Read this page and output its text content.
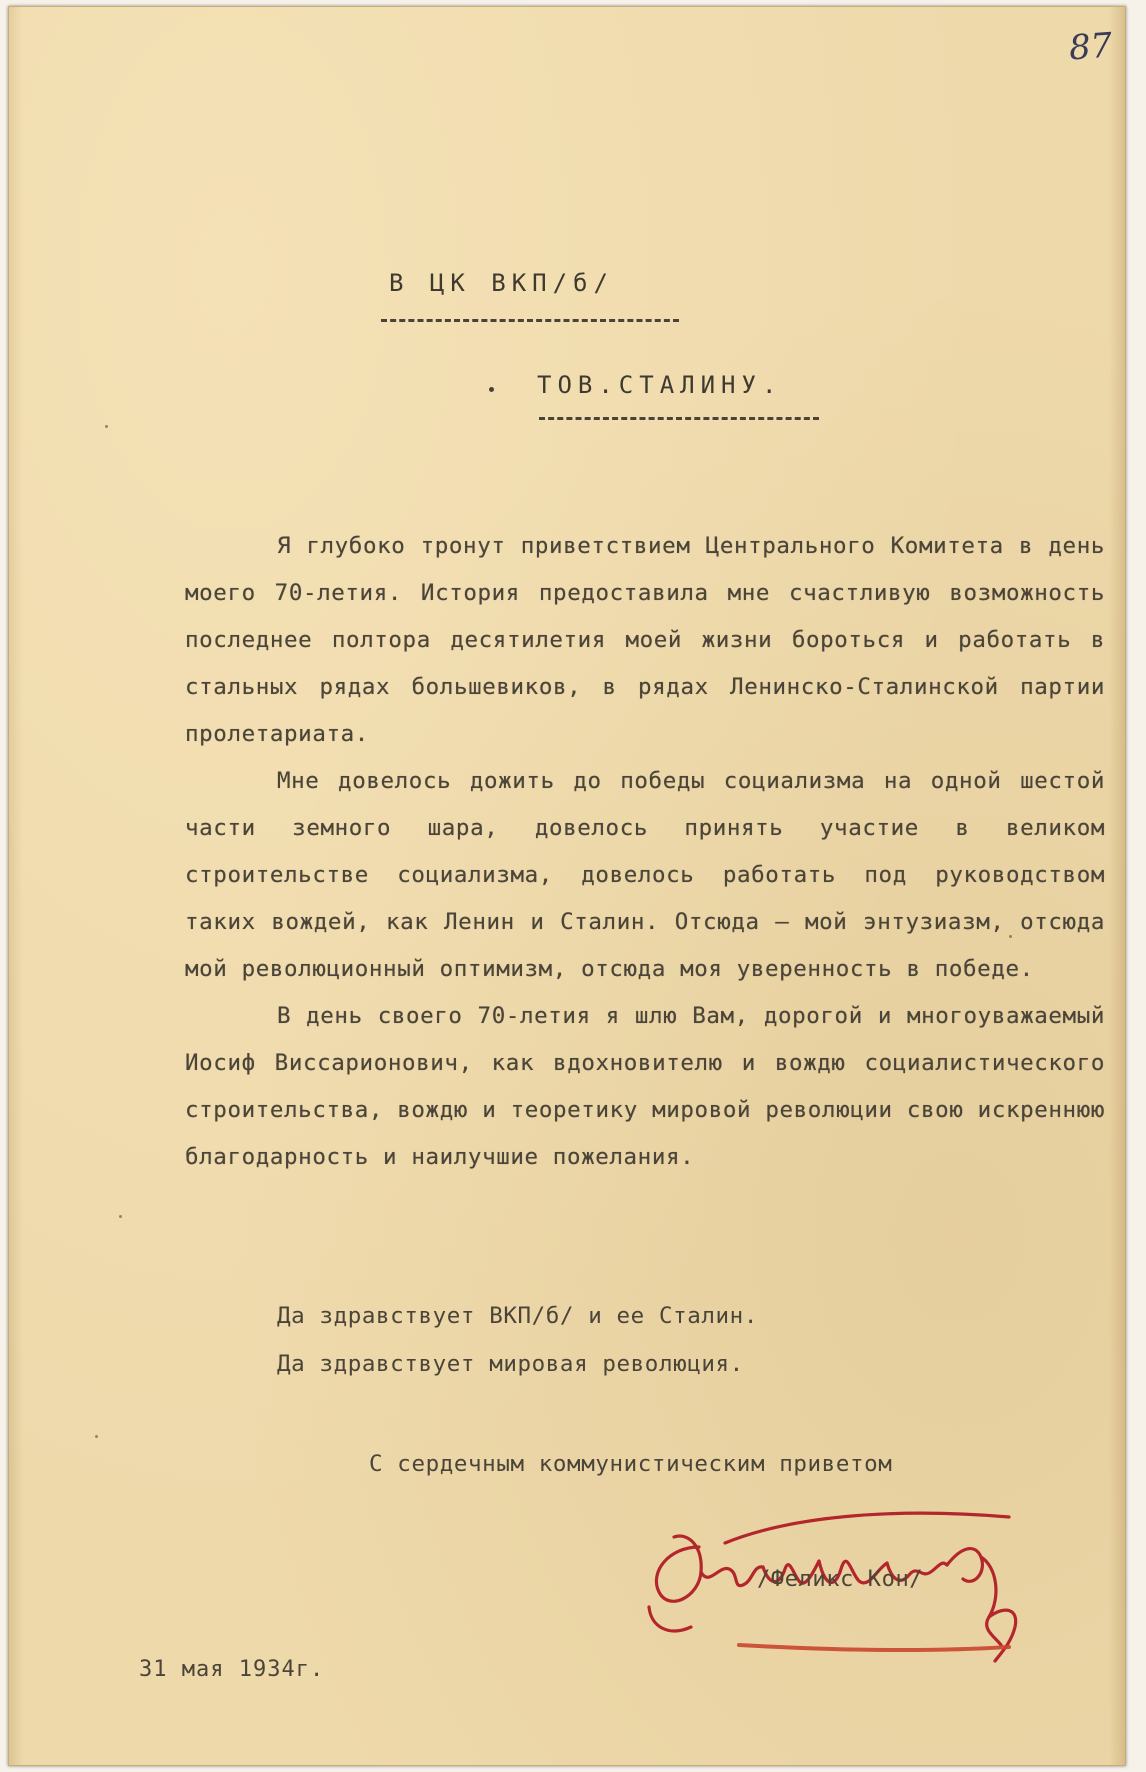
87
В ЦК ВКП/б/
ТОВ.СТАЛИНУ.

Я глубоко тронут приветствием Центрального Комитета в день моего 70-летия. История предоставила мне счастливую возможность последнее полтора десятилетия моей жизни бороться и работать в стальных рядах большевиков, в рядах Ленинско-Сталинской партии пролетариата.

Мне довелось дожить до победы социализма на одной шестой части земного шара, довелось принять участие в великом строительстве социализма, довелось работать под руководством таких вождей, как Ленин и Сталин. Отсюда – мой энтузиазм, отсюда мой революционный оптимизм, отсюда моя уверенность в победе.

В день своего 70-летия я шлю Вам, дорогой и многоуважаемый Иосиф Виссарионович, как вдохновителю и вождю социалистического строительства, вождю и теоретику мировой революции свою искреннюю благодарность и наилучшие пожелания.

Да здравствует ВКП/б/ и ее Сталин.
Да здравствует мировая революция.
С сердечным коммунистическим приветом
/Феликс Кон/
31 мая 1934г.
